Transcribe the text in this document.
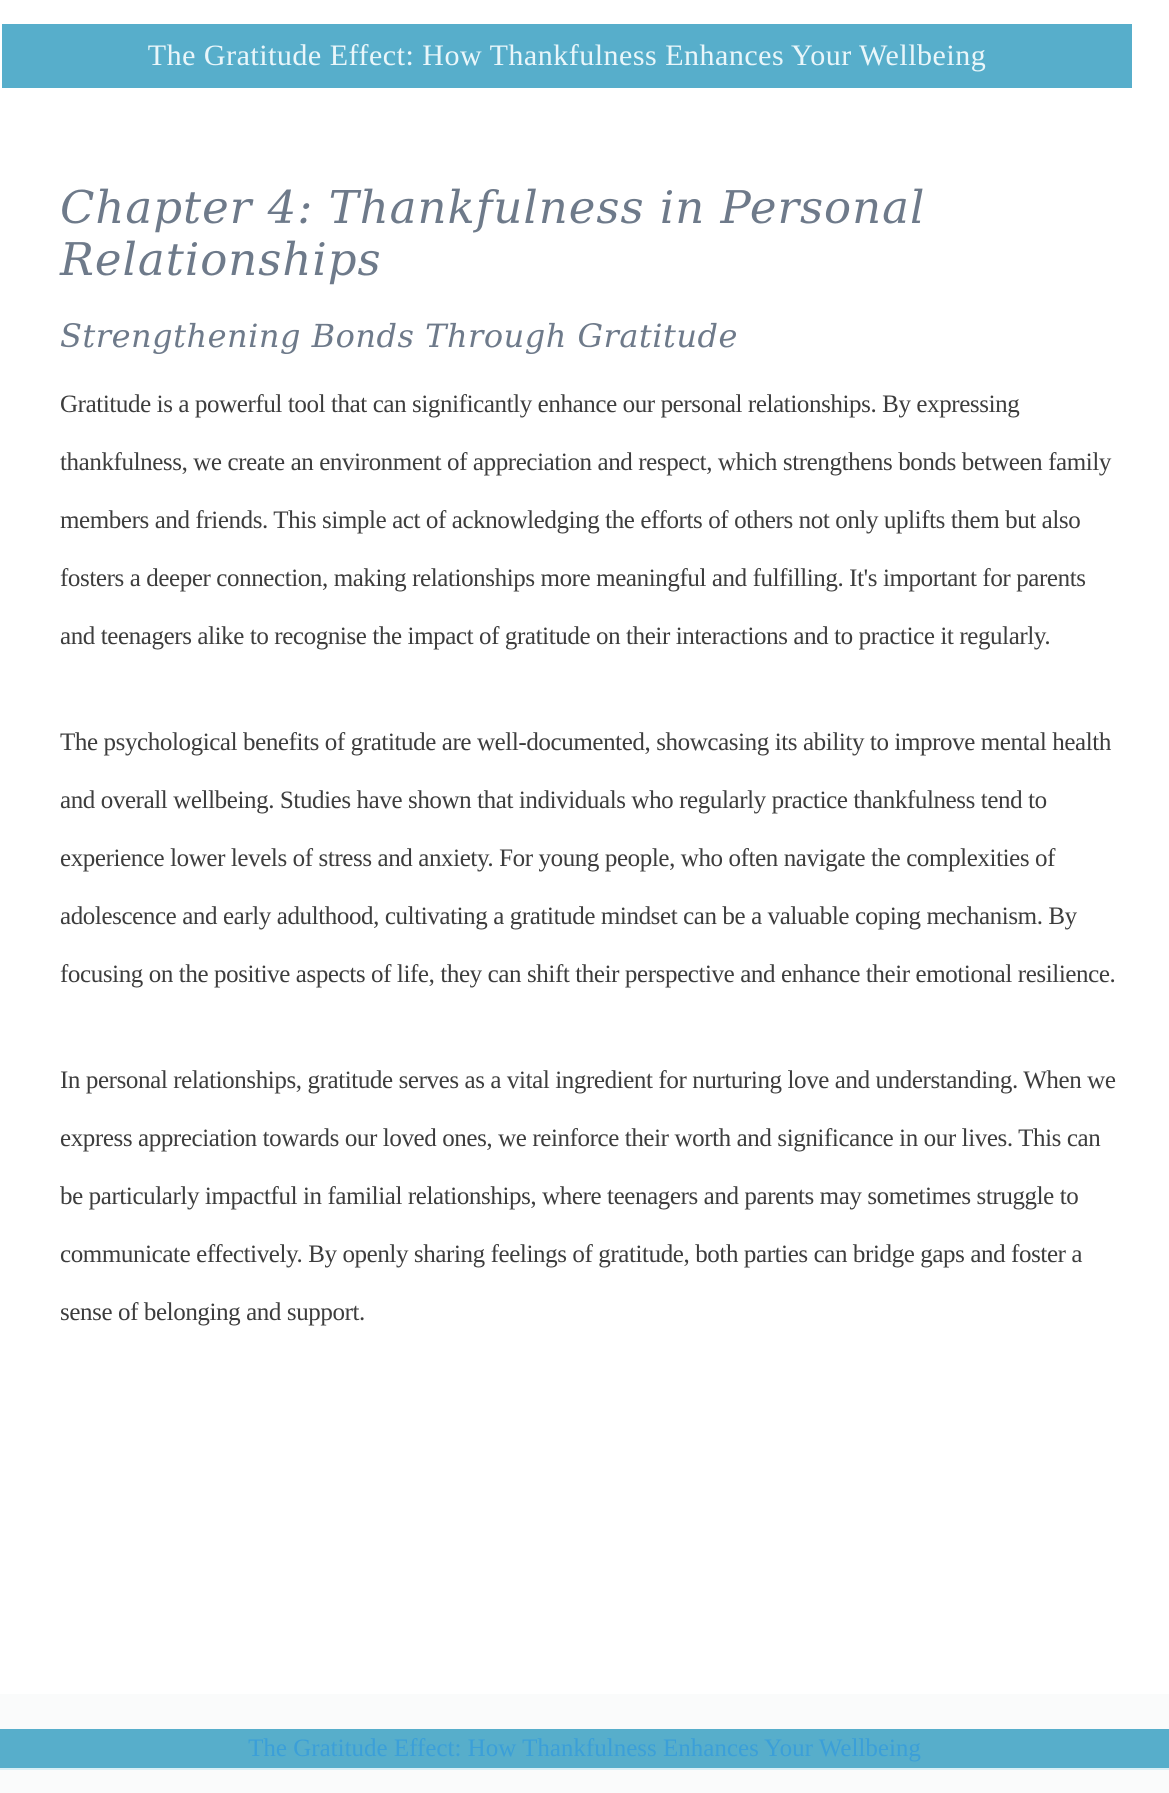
The Gratitude Effect: How Thankfulness Enhances Your Wellbeing
Chapter 4: Thankfulness in Personal Relationships
Strengthening Bonds Through Gratitude

Gratitude is a powerful tool that can significantly enhance our personal relationships. By expressing thankfulness, we create an environment of appreciation and respect, which strengthens bonds between family members and friends. This simple act of acknowledging the efforts of others not only uplifts them but also fosters a deeper connection, making relationships more meaningful and fulfilling. It's important for parents and teenagers alike to recognise the impact of gratitude on their interactions and to practice it regularly.

The psychological benefits of gratitude are well-documented, showcasing its ability to improve mental health and overall wellbeing. Studies have shown that individuals who regularly practice thankfulness tend to experience lower levels of stress and anxiety. For young people, who often navigate the complexities of adolescence and early adulthood, cultivating a gratitude mindset can be a valuable coping mechanism. By focusing on the positive aspects of life, they can shift their perspective and enhance their emotional resilience.

In personal relationships, gratitude serves as a vital ingredient for nurturing love and understanding. When we express appreciation towards our loved ones, we reinforce their worth and significance in our lives. This can be particularly impactful in familial relationships, where teenagers and parents may sometimes struggle to communicate effectively. By openly sharing feelings of gratitude, both parties can bridge gaps and foster a sense of belonging and support.

The Gratitude Effect: How Thankfulness Enhances Your Wellbeing
